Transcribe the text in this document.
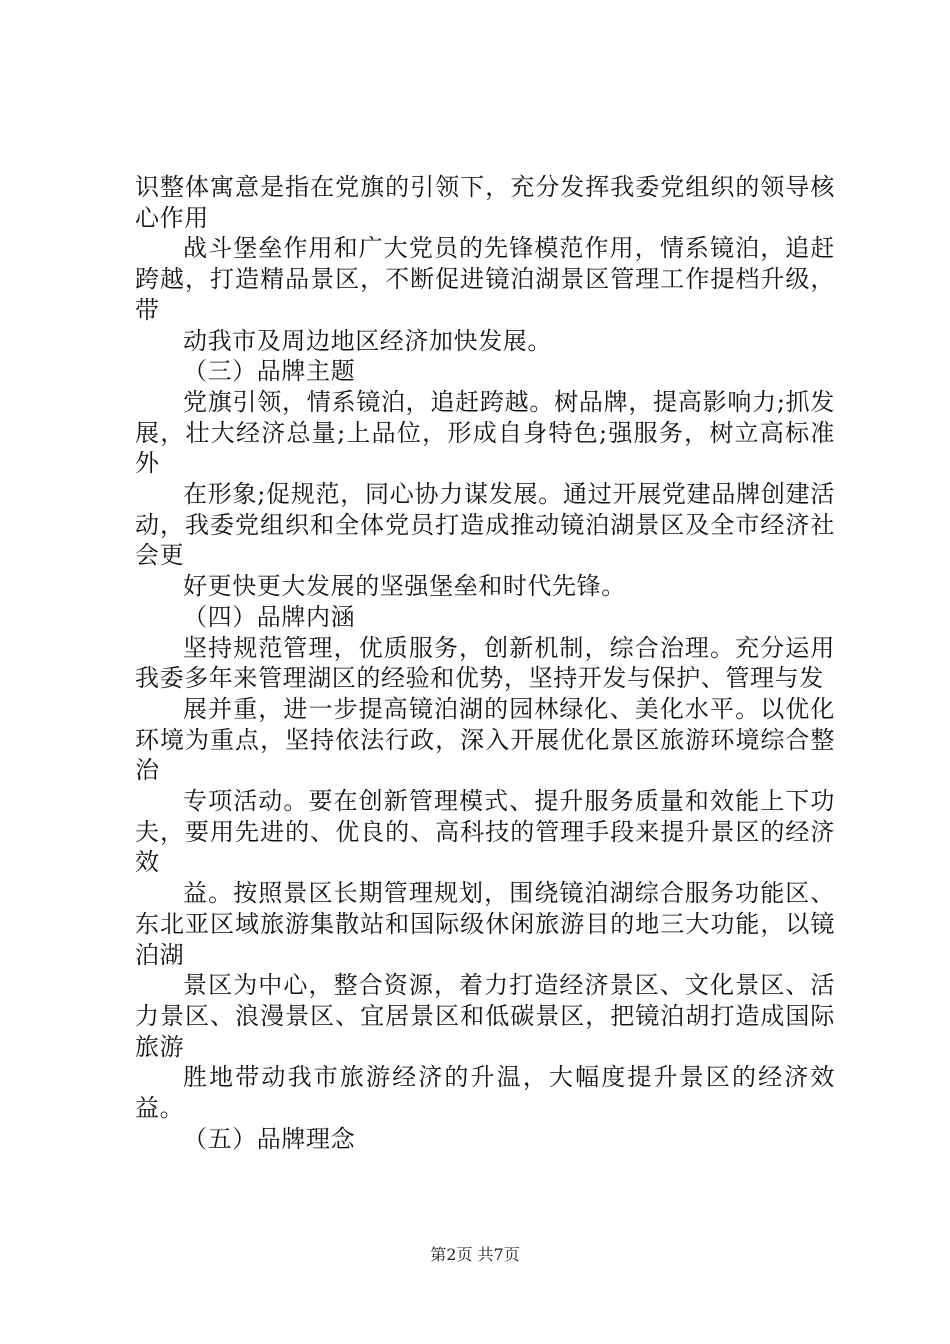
识整体寓意是指在党旗的引领下，充分发挥我委党组织的领导核心作用

战斗堡垒作用和广大党员的先锋模范作用，情系镜泊，追赶跨越，打造精品景区，不断促进镜泊湖景区管理工作提档升级，带

动我市及周边地区经济加快发展。

（三）品牌主题

党旗引领，情系镜泊，追赶跨越。树品牌，提高影响力;抓发展，壮大经济总量;上品位，形成自身特色;强服务，树立高标准外

在形象;促规范，同心协力谋发展。通过开展党建品牌创建活动，我委党组织和全体党员打造成推动镜泊湖景区及全市经济社会更

好更快更大发展的坚强堡垒和时代先锋。

（四）品牌内涵

坚持规范管理，优质服务，创新机制，综合治理。充分运用我委多年来管理湖区的经验和优势，坚持开发与保护、管理与发

展并重，进一步提高镜泊湖的园林绿化、美化水平。以优化环境为重点，坚持依法行政，深入开展优化景区旅游环境综合整治

专项活动。要在创新管理模式、提升服务质量和效能上下功夫，要用先进的、优良的、高科技的管理手段来提升景区的经济效

益。按照景区长期管理规划，围绕镜泊湖综合服务功能区、东北亚区域旅游集散站和国际级休闲旅游目的地三大功能，以镜泊湖

景区为中心，整合资源，着力打造经济景区、文化景区、活力景区、浪漫景区、宜居景区和低碳景区，把镜泊胡打造成国际旅游

胜地带动我市旅游经济的升温，大幅度提升景区的经济效益。

（五）品牌理念

第2页 共7页
